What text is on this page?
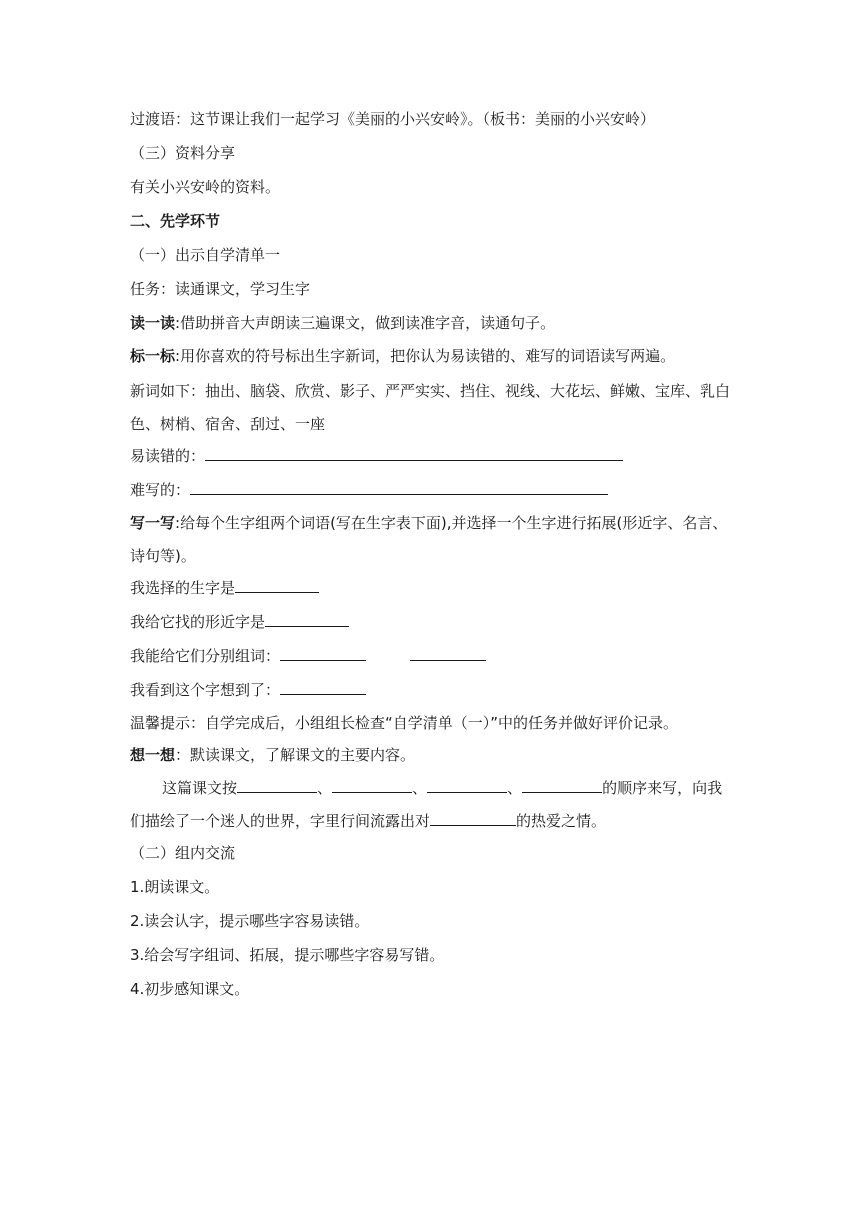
过渡语：这节课让我们一起学习《美丽的小兴安岭》。（板书：美丽的小兴安岭）

（三）资料分享

有关小兴安岭的资料。

二、先学环节

（一）出示自学清单一

任务：读通课文，学习生字

读一读:借助拼音大声朗读三遍课文，做到读准字音，读通句子。

标一标:用你喜欢的符号标出生字新词，把你认为易读错的、难写的词语读写两遍。

新词如下：抽出、脑袋、欣赏、影子、严严实实、挡住、视线、大花坛、鲜嫩、宝库、乳白色、树梢、宿舍、刮过、一座

易读错的：

难写的：

写一写:给每个生字组两个词语(写在生字表下面),并选择一个生字进行拓展(形近字、名言、诗句等)。

我选择的生字是

我给它找的形近字是

我能给它们分别组词：

我看到这个字想到了：

温馨提示：自学完成后，小组组长检查“自学清单（一）”中的任务并做好评价记录。

想一想：默读课文，了解课文的主要内容。

这篇课文按	、	、	、	的顺序来写，向我们描绘了一个迷人的世界，字里行间流露出对	的热爱之情。

（二）组内交流

1.朗读课文。

2.读会认字，提示哪些字容易读错。

3.给会写字组词、拓展，提示哪些字容易写错。

4.初步感知课文。
